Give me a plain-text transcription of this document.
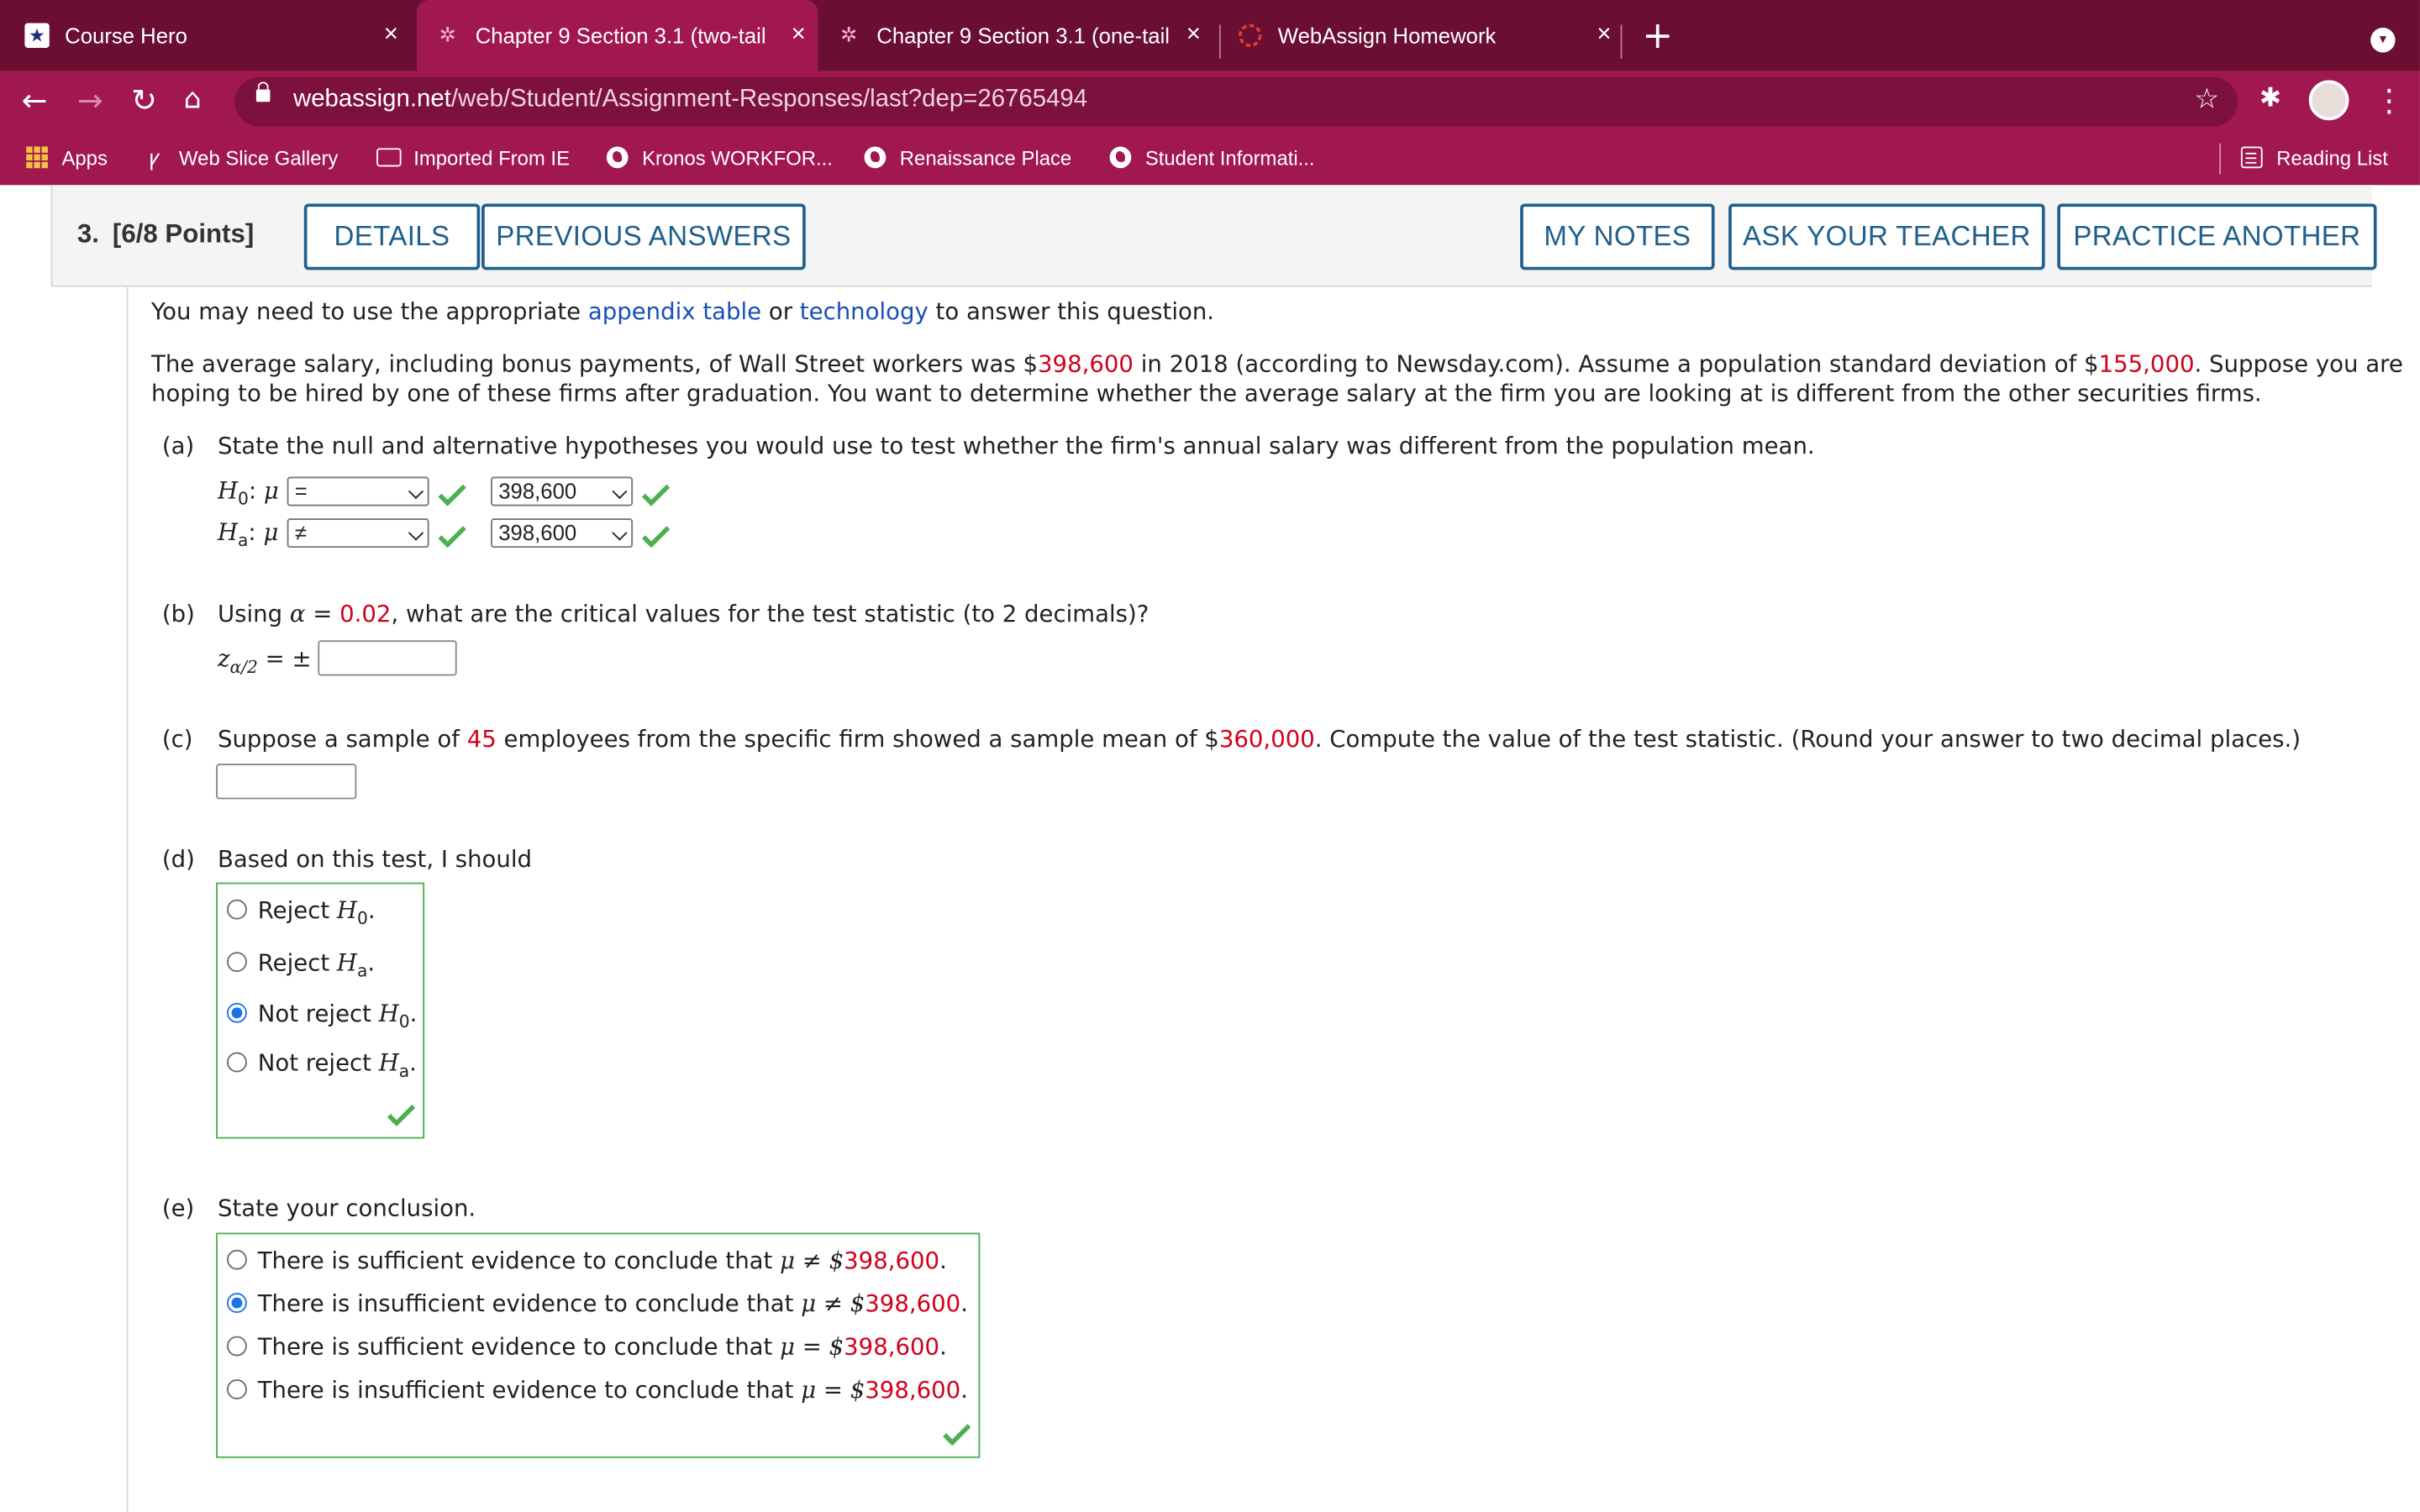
★	Course Hero	×	✲	Chapter 9 Section 3.1 (two-tail	×	✲	Chapter 9 Section 3.1 (one-tail ×	WebAssign Homework	× +	▾
← → ↻ ⌂	webassign.net/web/Student/Assignment-Responses/last?dep=26765494	☆	✱	⋮
Apps	ꝩ	Web Slice Gallery	Imported From IE	Kronos WORKFOR...	Renaissance Place	Student Informati...	Reading List
3. [6/8 Points]	DETAILS	PREVIOUS ANSWERS	MY NOTES	ASK YOUR TEACHER	PRACTICE ANOTHER
You may need to use the appropriate appendix table or technology to answer this question.
The average salary, including bonus payments, of Wall Street workers was $398,600 in 2018 (according to Newsday.com). Assume a population standard deviation of $155,000. Suppose you are
hoping to be hired by one of these firms after graduation. You want to determine whether the average salary at the firm you are looking at is different from the other securities firms.
(a) State the null and alternative hypotheses you would use to test whether the firm's annual salary was different from the population mean.
$H_0$: μ	=	398,600
$H_a$: μ	≠	398,600
(b) Using α = 0.02, what are the critical values for the test statistic (to 2 decimals)?
$z_{\alpha/2}$ = ±
(c) Suppose a sample of 45 employees from the specific firm showed a sample mean of $360,000. Compute the value of the test statistic. (Round your answer to two decimal places.)
(d) Based on this test, I should
Reject $H_0$.
Reject $H_a$.
Not reject $H_0$.
Not reject $H_a$.
(e) State your conclusion.
There is sufficient evidence to conclude that μ ≠ $398,600.
There is insufficient evidence to conclude that μ ≠ $398,600.
There is sufficient evidence to conclude that μ = $398,600.
There is insufficient evidence to conclude that μ = $398,600.
